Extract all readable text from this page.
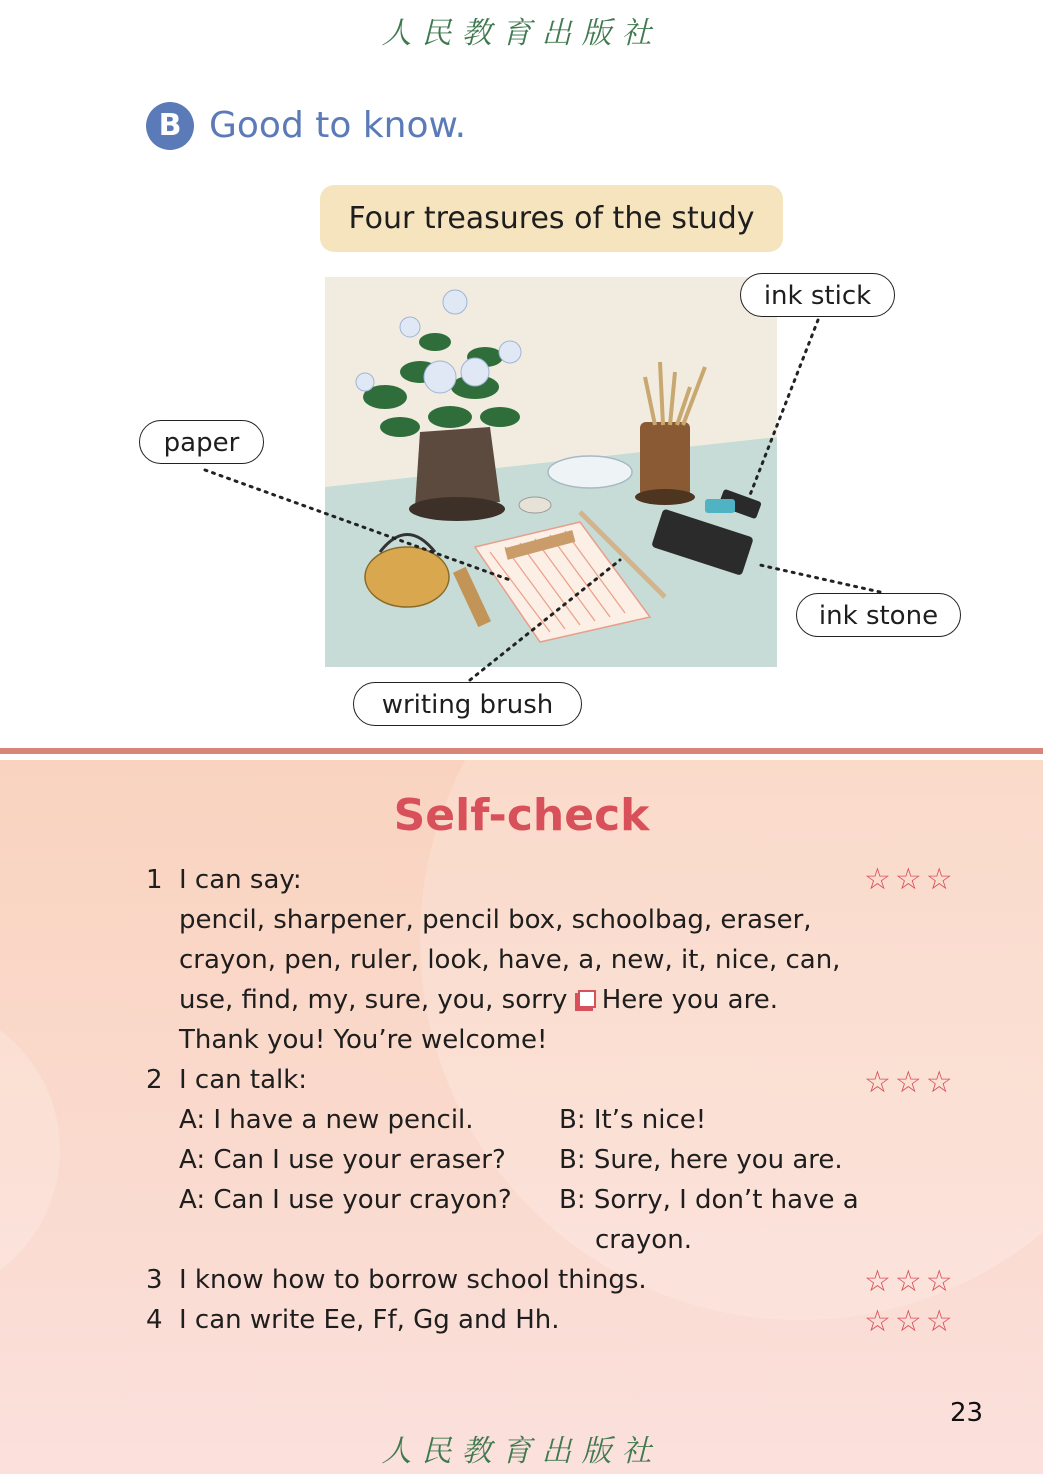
人民教育出版社
B Good to know.
Four treasures of the study
ink stick
paper
ink stone
writing brush
Self-check
1 I can say:	☆☆☆
pencil, sharpener, pencil box, schoolbag, eraser,
crayon, pen, ruler, look, have, a, new, it, nice, can,
use, find, my, sure, you, sorry Here you are.
Thank you! You’re welcome!
2 I can talk:	☆☆☆
A: I have a new pencil.	B: It’s nice!
A: Can I use your eraser? B: Sure, here you are.
A: Can I use your crayon? B: Sorry, I don’t have a
crayon.
3 I know how to borrow school things.	☆☆☆
4 I can write Ee, Ff, Gg and Hh.	☆☆☆
23
人民教育出版社
